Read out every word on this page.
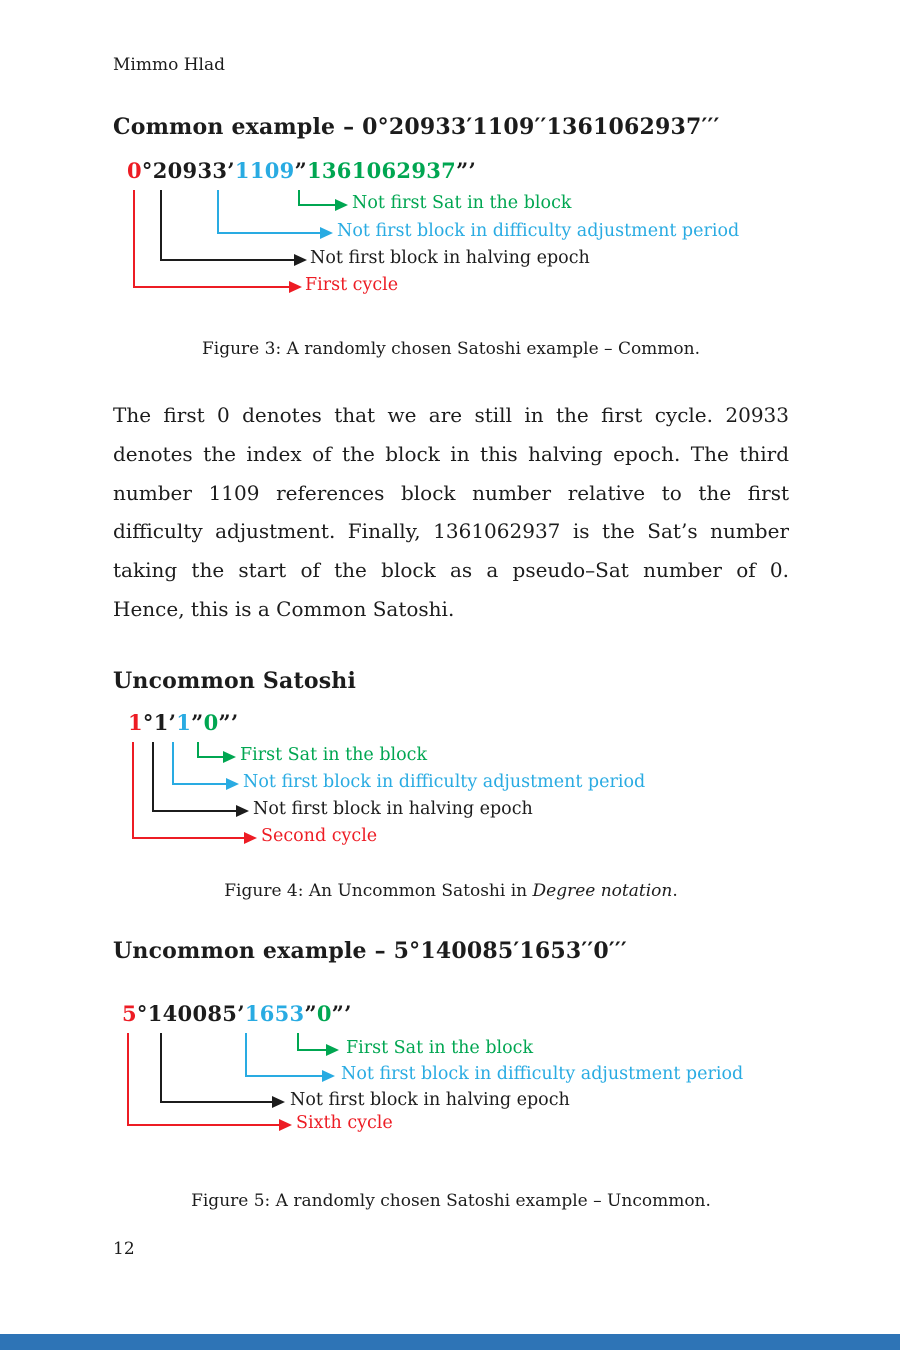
Mimmo Hlad
Common example – 0°20933′1109′′1361062937′′′
0°20933’1109”1361062937”’
Not first Sat in the block
Not first block in difficulty adjustment period
Not first block in halving epoch
First cycle
Figure 3: A randomly chosen Satoshi example – Common.
The first 0 denotes that we are still in the first cycle. 20933
denotes the index of the block in this halving epoch. The third
number 1109 references block number relative to the first
difficulty adjustment. Finally, 1361062937 is the Sat’s number
taking the start of the block as a pseudo–Sat number of 0.
Hence, this is a Common Satoshi.
Uncommon Satoshi
1°1’1”0”’
First Sat in the block
Not first block in difficulty adjustment period
Not first block in halving epoch
Second cycle
Figure 4: An Uncommon Satoshi in Degree notation.
Uncommon example – 5°140085′1653′′0′′′
5°140085’1653”0”’
First Sat in the block
Not first block in difficulty adjustment period
Not first block in halving epoch
Sixth cycle
Figure 5: A randomly chosen Satoshi example – Uncommon.
12
